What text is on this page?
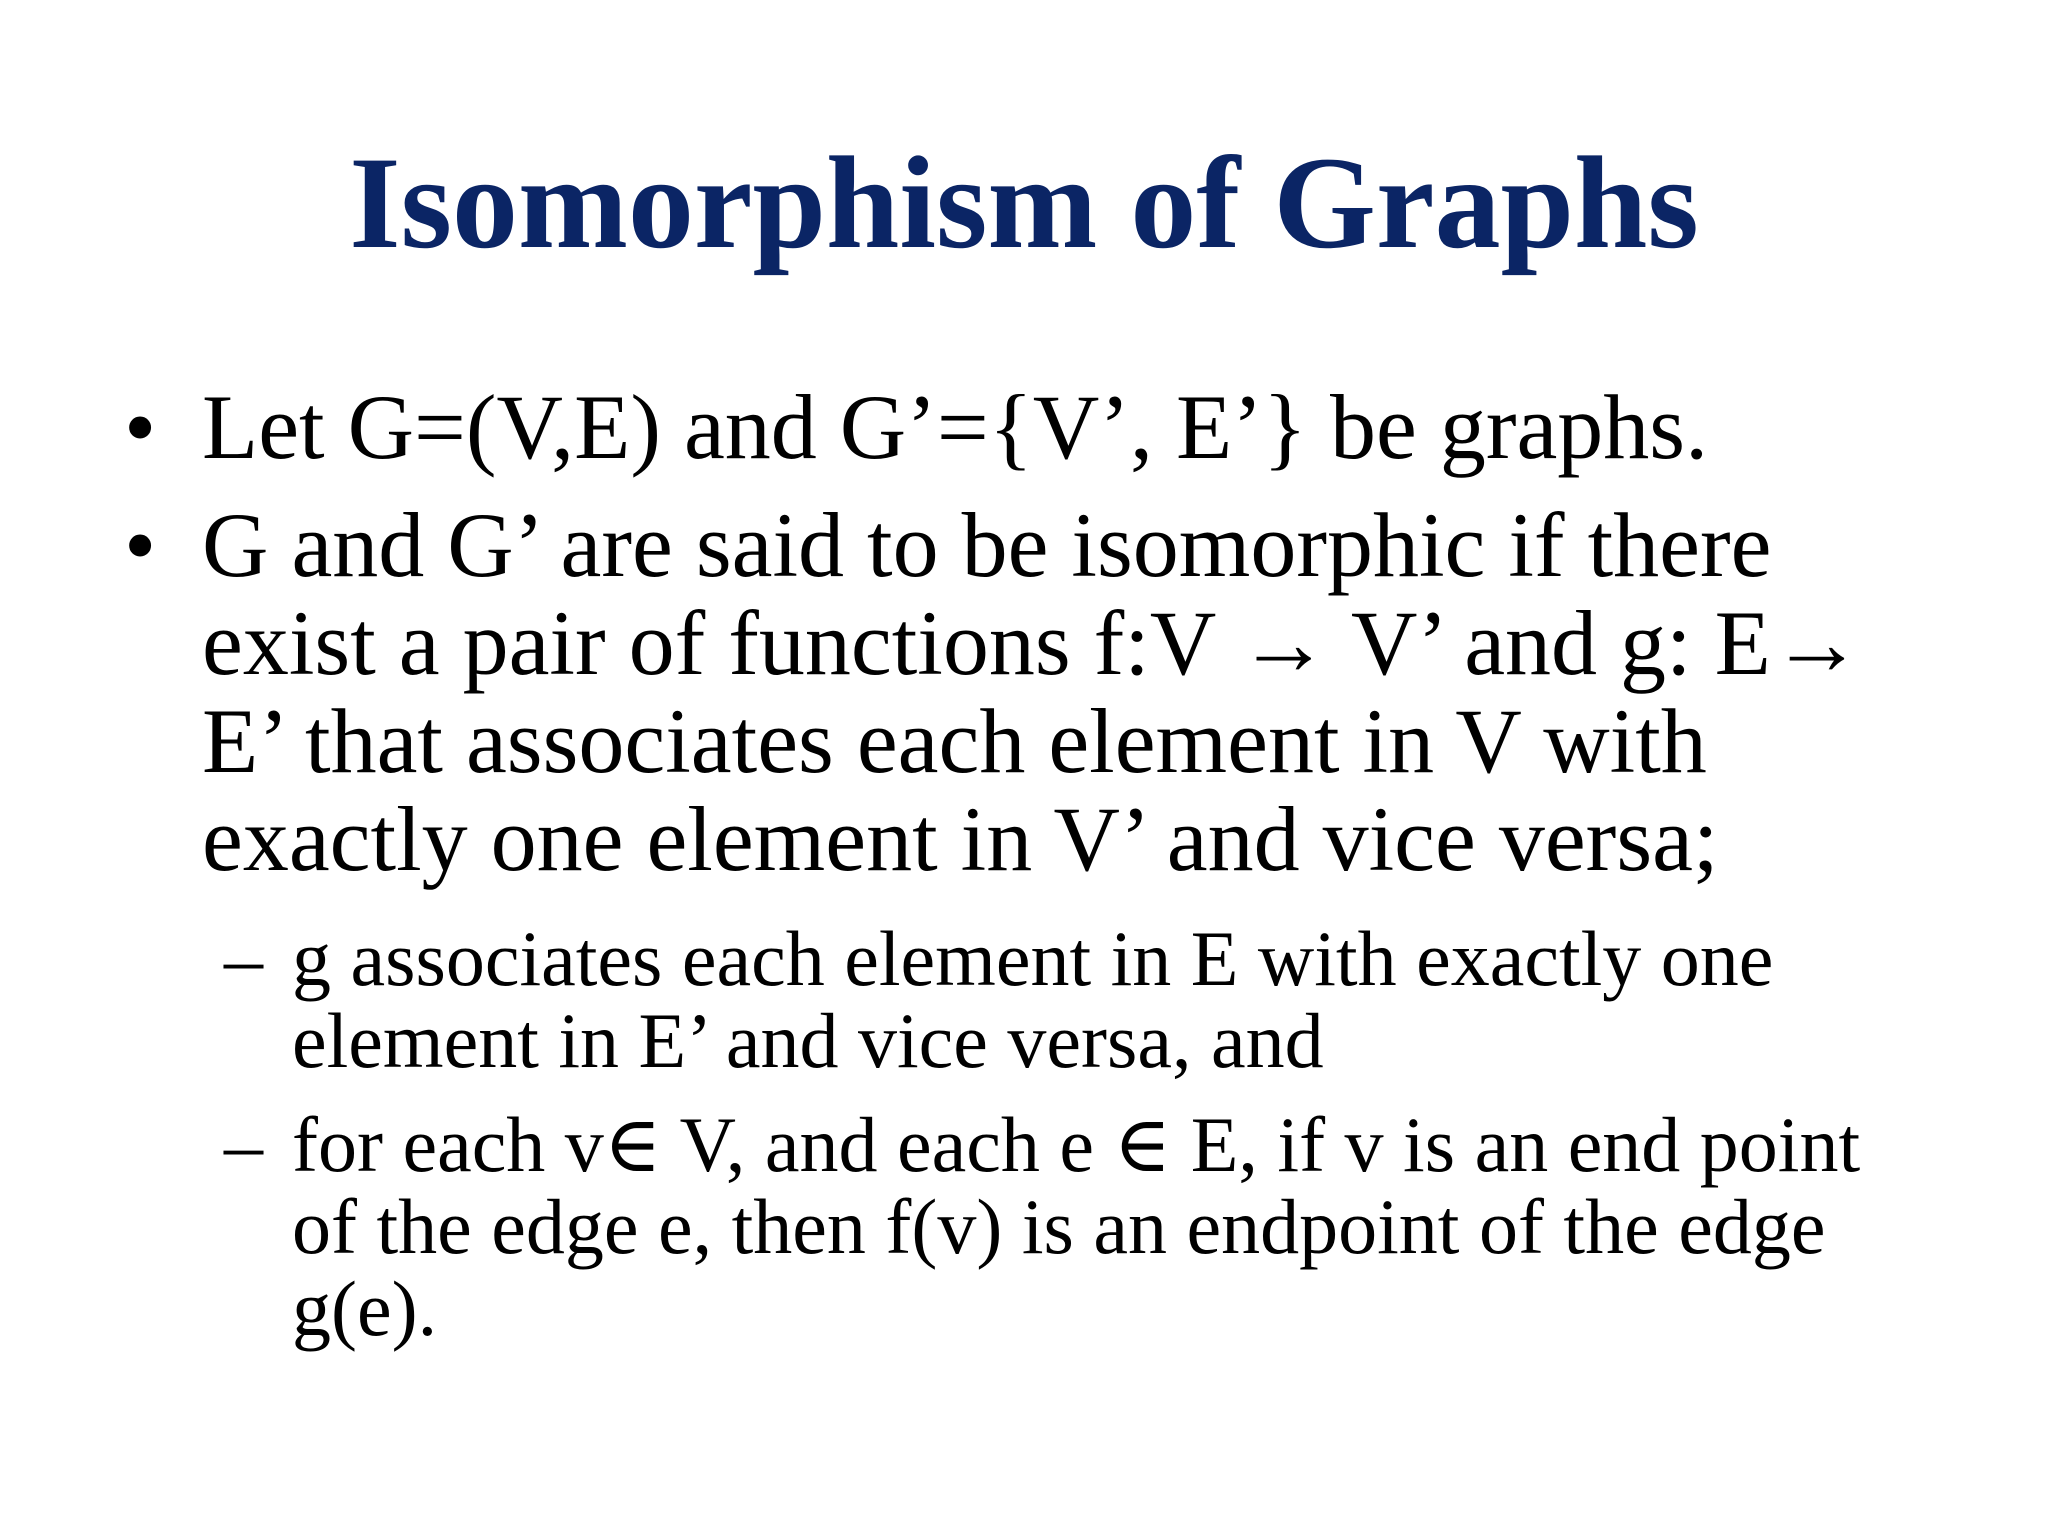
Isomorphism of Graphs
• Let G=(V,E) and G’={V’, E’} be graphs.
• G and G’ are said to be isomorphic if there
exist a pair of functions f:V → V’ and g: E→
E’ that associates each element in V with
exactly one element in V’ and vice versa;
– g associates each element in E with exactly one
element in E’ and vice versa, and
– for each v∈ V, and each e ∈ E, if v is an end point
of the edge e, then f(v) is an endpoint of the edge
g(e).
